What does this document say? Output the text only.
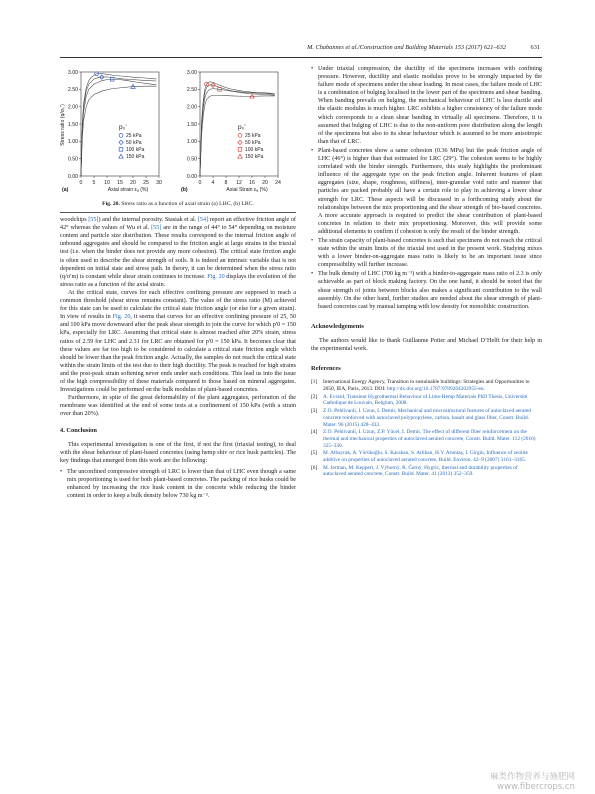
M. Chabannes et al./Construction and Building Materials 153 (2017) 621–632	631
0.00
0.50
1.00
1.50
2.00
2.50
3.00
0 5 10 15 20 25 30
Axial strain εₐ (%)
Stress ratio (q/σ₀')
(a)
p₀'
25 kPa
50 kPa
100 kPa
150 kPa
0.00
0.50
1.00
1.50
2.00
2.50
3.00
0 4 8 12 16 20 24
Axial Strain εₐ (%)
(b)
p₀'
25 kPa
50 kPa
100 kPa
150 kPa
Fig. 20. Stress ratio as a function of axial strain (a) LHC, (b) LRC.

woodchips [55]) and the internal porosity. Stasiak et al. [54] report an effective friction angle of 42° whereas the values of Wu et al. [55] are in the range of 44° to 54° depending on moisture content and particle size distribution. These results correspond to the internal friction angle of unbound aggregates and should be compared to the friction angle at large strains in the triaxial test (i.e. when the binder does not provide any more cohesion). The critical state friction angle is often used to describe the shear strength of soils. It is indeed an intrinsic variable that is not dependent on initial state and stress path. In theory, it can be determined when the stress ratio (q/σ′m) is constant while shear strain continues to increase. Fig. 20 displays the evolution of the stress ratio as a function of the axial strain.

At the critical state, curves for each effective confining pressure are supposed to reach a common threshold (shear stress remains constant). The value of the stress ratio (M) achieved for this state can be used to calculate the critical state friction angle (or else for a given strain). In view of results in Fig. 20, it seems that curves for an effective confining pressure of 25, 50 and 100 kPa move downward after the peak shear strength to join the curve for which p′0 = 150 kPa, especially for LRC. Assuming that critical state is almost reached after 20% strain, stress ratios of 2.59 for LHC and 2.31 for LRC are obtained for p′0 = 150 kPa. It becomes clear that these values are far too high to be considered to calculate a critical state friction angle which should be lower than the peak friction angle. Actually, the samples do not reach the critical state within the strain limits of the test due to their high ductility. The peak is reached for high strains and the post-peak strain softening never ends under such conditions. This lead us into the issue of the high compressibility of these materials compared to those based on mineral aggregates. Investigations could be performed on the bulk modulus of plant-based concretes.

Furthermore, in spite of the great deformability of the plant aggregates, perforation of the membrane was identified at the end of some tests at a confinement of 150 kPa (with a strain over than 20%).

4. Conclusion

This experimental investigation is one of the first, if not the first (triaxial testing), to deal with the shear behaviour of plant-based concretes (using hemp shiv or rice husk particles). The key findings that emerged from this work are the following:

• The unconfined compressive strength of LRC is lower than that of LHC even though a same mix proportioning is used for both plant-based concretes. The packing of rice husks could be enhanced by increasing the rice husk content in the concrete while reducing the binder content in order to keep a bulk density below 730 kg m⁻³.
• Under triaxial compression, the ductility of the specimens increases with confining pressure. However, ductility and elastic modulus prove to be strongly impacted by the failure mode of specimens under the shear loading. In most cases, the failure mode of LHC is a combination of bulging localised in the lower part of the specimens and shear banding. When banding prevails on bulging, the mechanical behaviour of LHC is less ductile and the elastic modulus is much higher. LRC exhibits a higher consistency of the failure mode which corresponds to a clean shear banding in virtually all specimens. Therefore, it is assumed that bulging of LHC is due to the non-uniform pore distribution along the length of the specimens but also to its shear behaviour which is assumed to be more anisotropic than that of LRC.
• Plant-based concretes show a same cohesion (0.36 MPa) but the peak friction angle of LHC (46°) is higher than that estimated for LRC (29°). The cohesion seems to be highly correlated with the binder strength. Furthermore, this study highlights the predominant influence of the aggregate type on the peak friction angle. Inherent features of plant aggregates (size, shape, roughness, stiffness), inter-granular void ratio and manner that particles are packed probably all have a certain role to play in achieving a lower shear strength for LRC. These aspects will be discussed in a forthcoming study about the relationships between the mix proportioning and the shear strength of bio-based concretes. A more accurate approach is required to predict the shear contribution of plant-based concretes in relation to their mix proportioning. Moreover, this will provide some additional elements to confirm if cohesion is only the result of the binder strength.
• The strain capacity of plant-based concretes is such that specimens do not reach the critical state within the strain limits of the triaxial test used in the present work. Studying mixes with a lower binder-on-aggregate mass ratio is likely to be an important issue since compressibility will further increase.
• The bulk density of LHC (700 kg m⁻³) with a binder-to-aggregate mass ratio of 2.3 is only achievable as part of block making factory. On the one hand, it should be noted that the shear strength of joints between blocks also makes a significant contribution to the wall assembly. On the other hand, further studies are needed about the shear strength of plant-based concretes cast by manual tamping with low density for monolithic construction.
Acknowledgements

The authors would like to thank Guillaume Potier and Michael D’Helft for their help in the experimental work.

References
[1] International Energy Agency, Transition to sustainable buildings: Strategies and Opportunities to 2050, IEA, Paris, 2013. DOI: http://dx.doi.org/10.1787/9789264202955-en.
[2] A. Evrard, Transient Hygrothermal Behaviour of Lime-Hemp Materials PhD Thesis, Université Catholique de Louvain, Belgium, 2008.
[3] Z.O. Pehlivanli, I. Uzun, I. Demir, Mechanical and microstructural features of autoclaved aerated concrete reinforced with autoclaved polypropylene, carbon, basalt and glass fiber, Constr. Build. Mater. 96 (2015) 428–433.
[4] Z.O. Pehlivanli, I. Uzun, Z.P. Yücel, I. Demir, The effect of different fiber reinforcement on the thermal and mechanical properties of autoclaved aerated concrete, Constr. Build. Mater. 112 (2016) 325–330.
[5] M. Albayrak, A. Yörükoğlu, S. Karahan, S. Atlihan, H.Y. Aruntaş, I. Girgin, Influence of zeolite additive on properties of autoclaved aerated concrete, Build. Environ. 42–9 (2007) 3161–3165.
[6] M. Jerman, M. Keppert, J. Výborný, R. Černý, Hygric, thermal and durability properties of autoclaved aerated concrete, Constr. Build. Mater. 41 (2013) 352–359.
麻类作物营养与施肥网
www.fibercrops.cn
